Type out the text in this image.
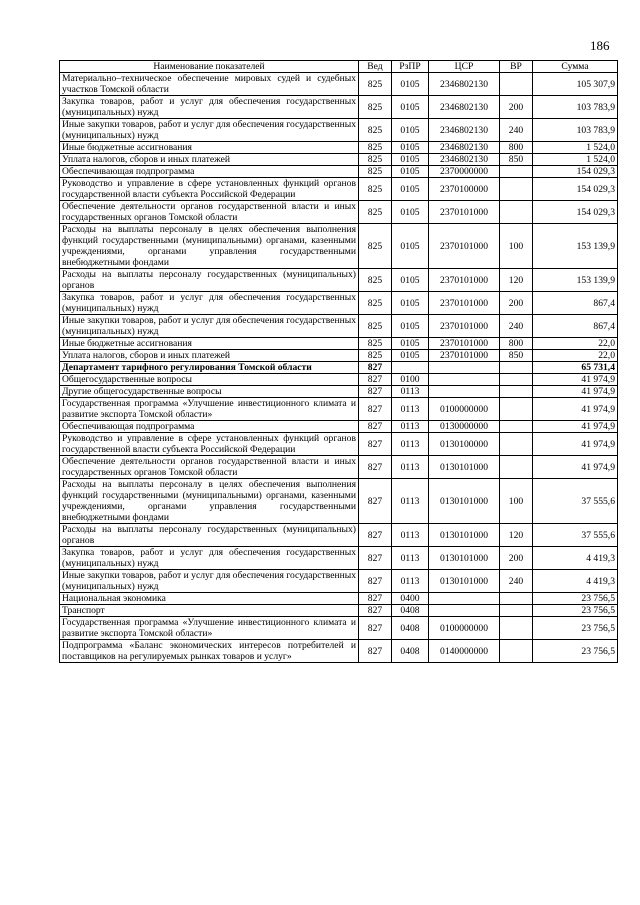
186
Наименование показателей	Вед	РзПР	ЦСР	ВР	Сумма
Материально–техническое обеспечение мировых судей и судебных участков Томской области	825	0105	2346802130		105 307,9
Закупка товаров, работ и услуг для обеспечения государственных (муниципальных) нужд	825	0105	2346802130	200	103 783,9
Иные закупки товаров, работ и услуг для обеспечения государственных (муниципальных) нужд	825	0105	2346802130	240	103 783,9
Иные бюджетные ассигнования	825	0105	2346802130	800	1 524,0
Уплата налогов, сборов и иных платежей	825	0105	2346802130	850	1 524,0
Обеспечивающая подпрограмма	825	0105	2370000000		154 029,3
Руководство и управление в сфере установленных функций органов государственной власти субъекта Российской Федерации	825	0105	2370100000		154 029,3
Обеспечение деятельности органов государственной власти и иных государственных органов Томской области	825	0105	2370101000		154 029,3
Расходы на выплаты персоналу в целях обеспечения выполнения функций государственными (муниципальными) органами, казенными учреждениями, органами управления государственными внебюджетными фондами	825	0105	2370101000	100	153 139,9
Расходы на выплаты персоналу государственных (муниципальных) органов	825	0105	2370101000	120	153 139,9
Закупка товаров, работ и услуг для обеспечения государственных (муниципальных) нужд	825	0105	2370101000	200	867,4
Иные закупки товаров, работ и услуг для обеспечения государственных (муниципальных) нужд	825	0105	2370101000	240	867,4
Иные бюджетные ассигнования	825	0105	2370101000	800	22,0
Уплата налогов, сборов и иных платежей	825	0105	2370101000	850	22,0
Департамент тарифного регулирования Томской области	827				65 731,4
Общегосударственные вопросы	827	0100			41 974,9
Другие общегосударственные вопросы	827	0113			41 974,9
Государственная программа «Улучшение инвестиционного климата и развитие экспорта Томской области»	827	0113	0100000000		41 974,9
Обеспечивающая подпрограмма	827	0113	0130000000		41 974,9
Руководство и управление в сфере установленных функций органов государственной власти субъекта Российской Федерации	827	0113	0130100000		41 974,9
Обеспечение деятельности органов государственной власти и иных государственных органов Томской области	827	0113	0130101000		41 974,9
Расходы на выплаты персоналу в целях обеспечения выполнения функций государственными (муниципальными) органами, казенными учреждениями, органами управления государственными внебюджетными фондами	827	0113	0130101000	100	37 555,6
Расходы на выплаты персоналу государственных (муниципальных) органов	827	0113	0130101000	120	37 555,6
Закупка товаров, работ и услуг для обеспечения государственных (муниципальных) нужд	827	0113	0130101000	200	4 419,3
Иные закупки товаров, работ и услуг для обеспечения государственных (муниципальных) нужд	827	0113	0130101000	240	4 419,3
Национальная экономика	827	0400			23 756,5
Транспорт	827	0408			23 756,5
Государственная программа «Улучшение инвестиционного климата и развитие экспорта Томской области»	827	0408	0100000000		23 756,5
Подпрограмма «Баланс экономических интересов потребителей и поставщиков на регулируемых рынках товаров и услуг»	827	0408	0140000000		23 756,5
